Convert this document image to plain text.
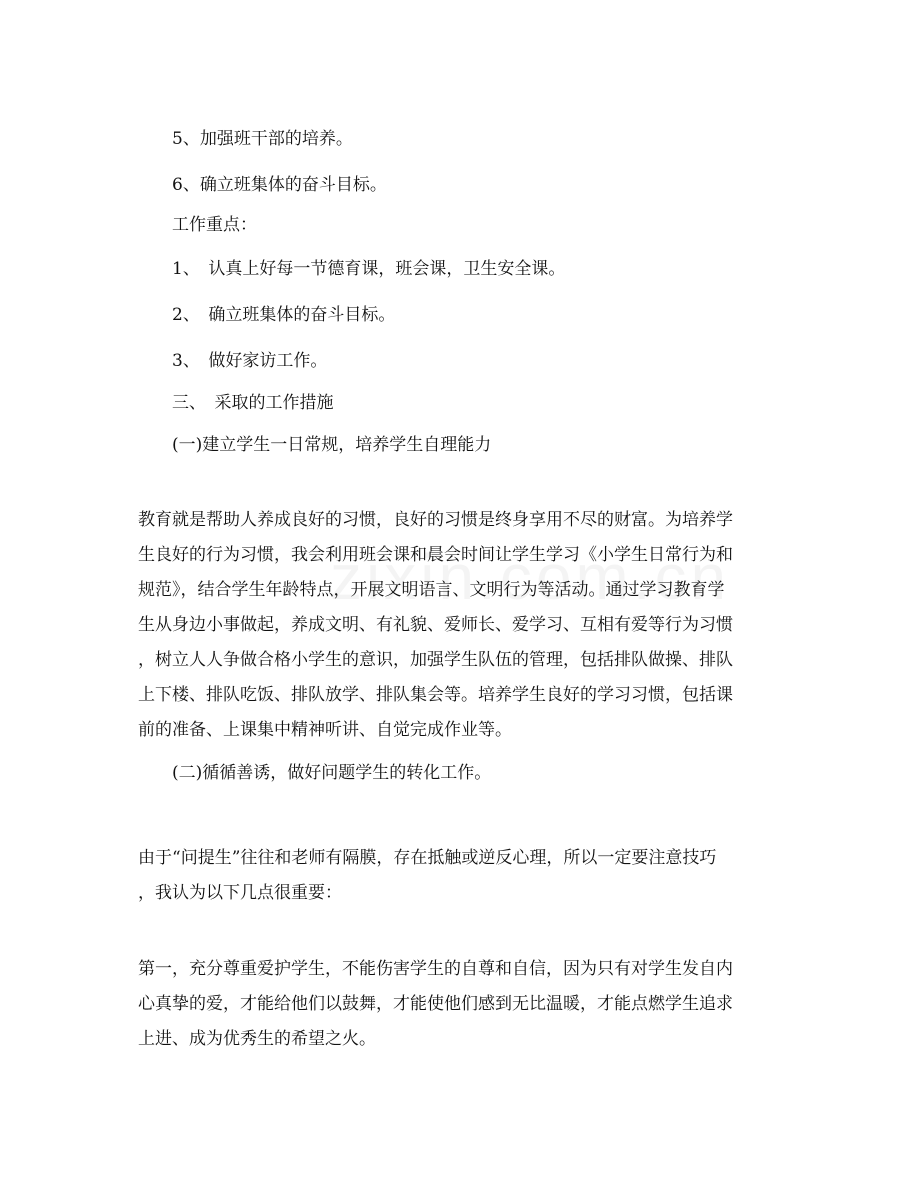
5、加强班干部的培养。

6、确立班集体的奋斗目标。

工作重点：

1、　认真上好每一节德育课，班会课，卫生安全课。

2、　确立班集体的奋斗目标。

3、　做好家访工作。

三、　采取的工作措施

(一)建立学生一日常规，培养学生自理能力

教育就是帮助人养成良好的习惯，良好的习惯是终身享用不尽的财富。为培养学

生良好的行为习惯，我会利用班会课和晨会时间让学生学习《小学生日常行为和

规范》，结合学生年龄特点，开展文明语言、文明行为等活动。通过学习教育学

生从身边小事做起，养成文明、有礼貌、爱师长、爱学习、互相有爱等行为习惯

，树立人人争做合格小学生的意识，加强学生队伍的管理，包括排队做操、排队

上下楼、排队吃饭、排队放学、排队集会等。培养学生良好的学习习惯，包括课

前的准备、上课集中精神听讲、自觉完成作业等。

(二)循循善诱，做好问题学生的转化工作。

由于“问提生”往往和老师有隔膜，存在抵触或逆反心理，所以一定要注意技巧

，我认为以下几点很重要：

第一，充分尊重爱护学生，不能伤害学生的自尊和自信，因为只有对学生发自内

心真挚的爱，才能给他们以鼓舞，才能使他们感到无比温暖，才能点燃学生追求

上进、成为优秀生的希望之火。
